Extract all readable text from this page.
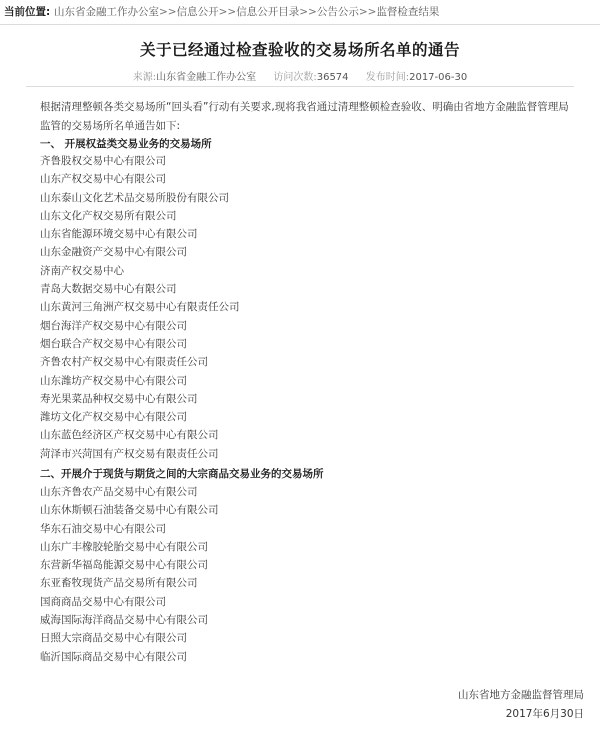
当前位置: 山东省金融工作办公室>>信息公开>>信息公开目录>>公告公示>>监督检查结果
关于已经通过检查验收的交易场所名单的通告
来源:山东省金融工作办公室 访问次数:36574 发布时间:2017-06-30
根据清理整顿各类交易场所“回头看”行动有关要求,现将我省通过清理整顿检查验收、明确由省地方金融监督管理局监管的交易场所名单通告如下:
一、 开展权益类交易业务的交易场所
齐鲁股权交易中心有限公司
山东产权交易中心有限公司
山东泰山文化艺术品交易所股份有限公司
山东文化产权交易所有限公司
山东省能源环境交易中心有限公司
山东金融资产交易中心有限公司
济南产权交易中心
青岛大数据交易中心有限公司
山东黄河三角洲产权交易中心有限责任公司
烟台海洋产权交易中心有限公司
烟台联合产权交易中心有限公司
齐鲁农村产权交易中心有限责任公司
山东潍坊产权交易中心有限公司
寿光果菜品种权交易中心有限公司
潍坊文化产权交易中心有限公司
山东蓝色经济区产权交易中心有限公司
菏泽市兴菏国有产权交易有限责任公司
二、开展介于现货与期货之间的大宗商品交易业务的交易场所
山东齐鲁农产品交易中心有限公司
山东休斯顿石油装备交易中心有限公司
华东石油交易中心有限公司
山东广丰橡胶轮胎交易中心有限公司
东营新华福岛能源交易中心有限公司
东亚畜牧现货产品交易所有限公司
国商商品交易中心有限公司
威海国际海洋商品交易中心有限公司
日照大宗商品交易中心有限公司
临沂国际商品交易中心有限公司
山东省地方金融监督管理局
2017年6月30日
